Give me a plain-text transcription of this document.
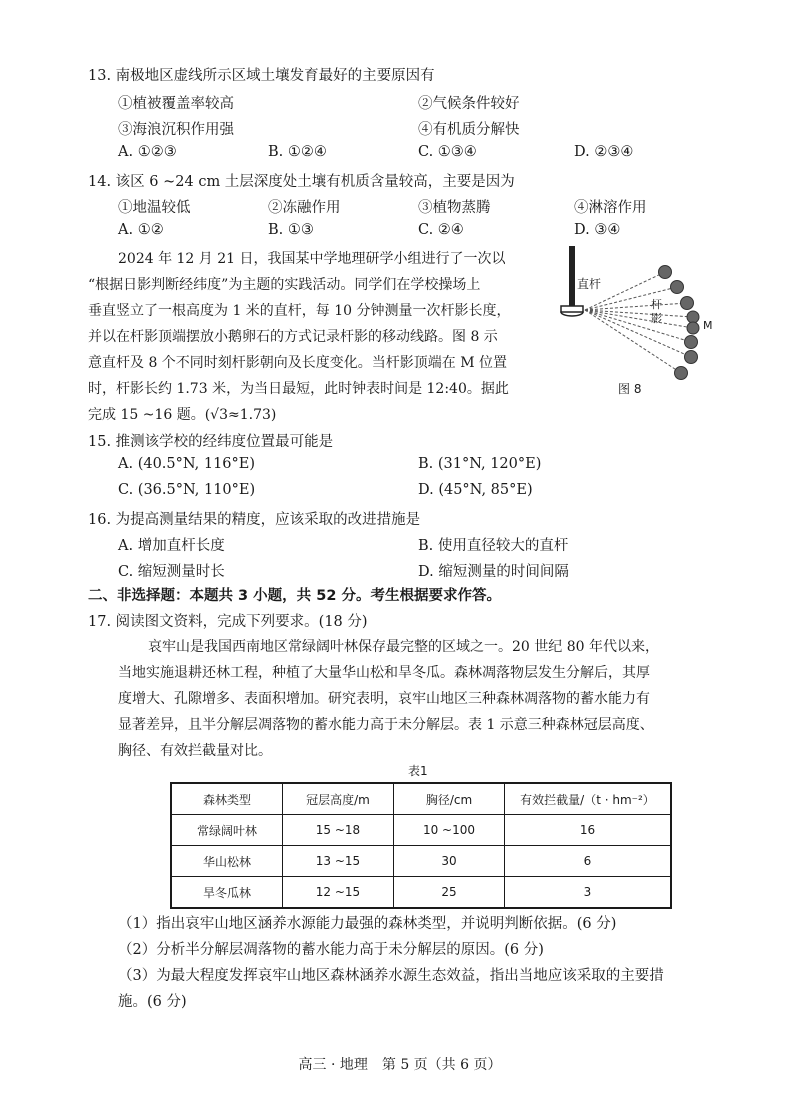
13. 南极地区虚线所示区域土壤发育最好的主要原因有
①植被覆盖率较高	②气候条件较好
③海浪沉积作用强	④有机质分解快
A. ①②③	B. ①②④	C. ①③④	D. ②③④
14. 该区 6 ~24 cm 土层深度处土壤有机质含量较高，主要是因为
①地温较低	②冻融作用	③植物蒸腾	④淋溶作用
A. ①②	B. ①③	C. ②④	D. ③④
2024 年 12 月 21 日，我国某中学地理研学小组进行了一次以
“根据日影判断经纬度”为主题的实践活动。同学们在学校操场上
垂直竖立了一根高度为 1 米的直杆，每 10 分钟测量一次杆影长度，
并以在杆影顶端摆放小鹅卵石的方式记录杆影的移动线路。图 8 示
意直杆及 8 个不同时刻杆影朝向及长度变化。当杆影顶端在 M 位置
时，杆影长约 1.73 米，为当日最短，此时钟表时间是 12:40。据此
完成 15 ~16 题。(√3≈1.73)
直杆
杆
影
M
图 8
15. 推测该学校的经纬度位置最可能是
A. (40.5°N, 116°E)	B. (31°N, 120°E)
C. (36.5°N, 110°E)	D. (45°N, 85°E)
16. 为提高测量结果的精度，应该采取的改进措施是
A. 增加直杆长度	B. 使用直径较大的直杆
C. 缩短测量时长	D. 缩短测量的时间间隔
二、非选择题：本题共 3 小题，共 52 分。考生根据要求作答。
17. 阅读图文资料，完成下列要求。(18 分)
哀牢山是我国西南地区常绿阔叶林保存最完整的区域之一。20 世纪 80 年代以来，
当地实施退耕还林工程，种植了大量华山松和旱冬瓜。森林凋落物层发生分解后，其厚
度增大、孔隙增多、表面积增加。研究表明，哀牢山地区三种森林凋落物的蓄水能力有
显著差异，且半分解层凋落物的蓄水能力高于未分解层。表 1 示意三种森林冠层高度、
胸径、有效拦截量对比。
表1
森林类型	冠层高度/m	胸径/cm	有效拦截量/（t · hm⁻²）
常绿阔叶林	15 ~18	10 ~100	16
华山松林	13 ~15	30	6
旱冬瓜林	12 ~15	25	3
（1）指出哀牢山地区涵养水源能力最强的森林类型，并说明判断依据。(6 分)
（2）分析半分解层凋落物的蓄水能力高于未分解层的原因。(6 分)
（3）为最大程度发挥哀牢山地区森林涵养水源生态效益，指出当地应该采取的主要措
施。(6 分)
高三 · 地理　第 5 页（共 6 页）
